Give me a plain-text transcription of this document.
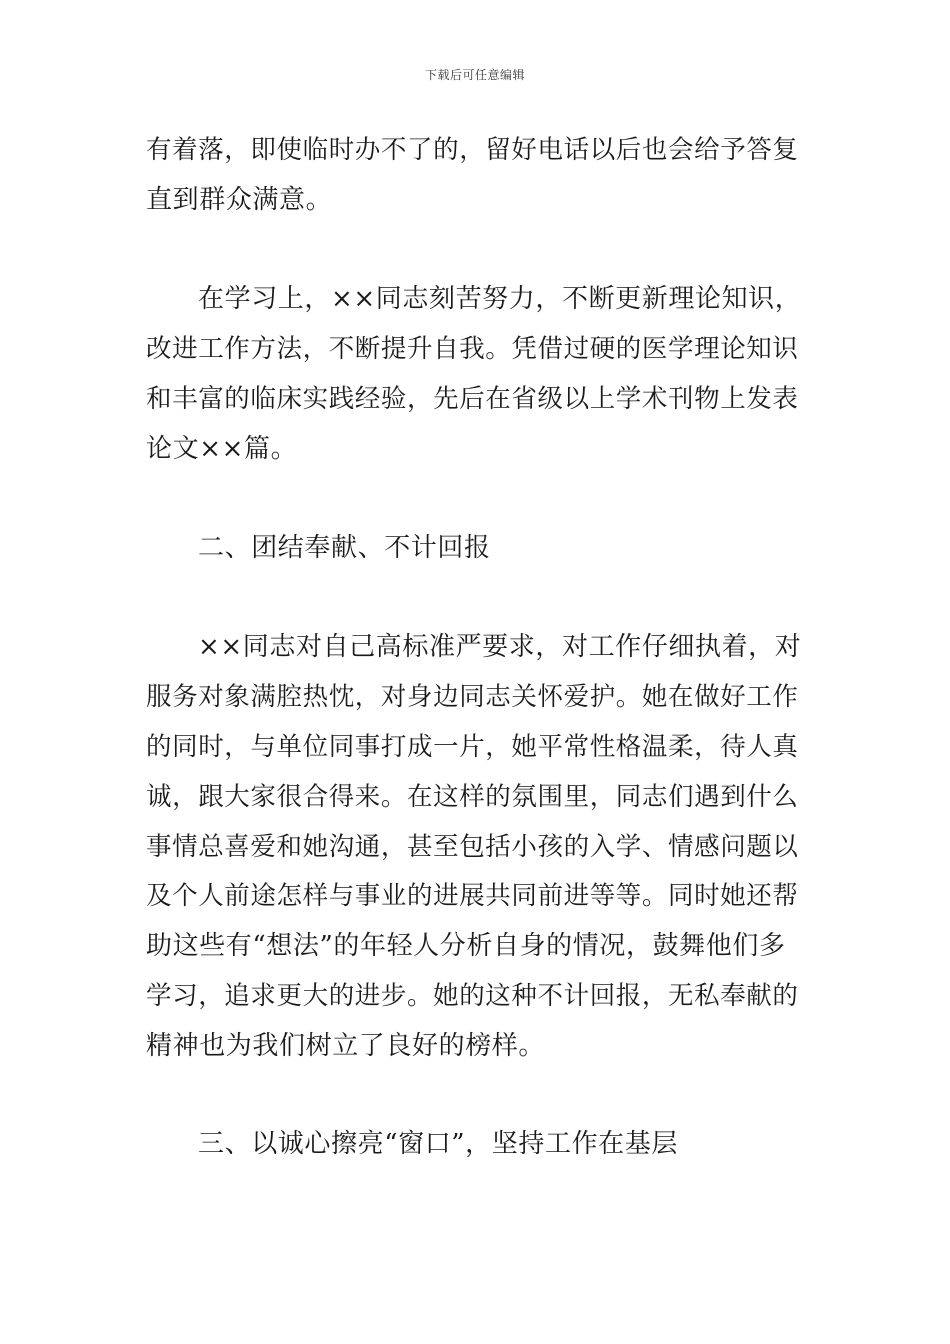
下载后可任意编辑
有着落，即使临时办不了的，留好电话以后也会给予答复
直到群众满意。
在学习上，××同志刻苦努力，不断更新理论知识，
改进工作方法，不断提升自我。凭借过硬的医学理论知识
和丰富的临床实践经验，先后在省级以上学术刊物上发表
论文××篇。
二、团结奉献、不计回报
××同志对自己高标准严要求，对工作仔细执着，对
服务对象满腔热忱，对身边同志关怀爱护。她在做好工作
的同时，与单位同事打成一片，她平常性格温柔，待人真
诚，跟大家很合得来。在这样的氛围里，同志们遇到什么
事情总喜爱和她沟通，甚至包括小孩的入学、情感问题以
及个人前途怎样与事业的进展共同前进等等。同时她还帮
助这些有“想法”的年轻人分析自身的情况，鼓舞他们多
学习，追求更大的进步。她的这种不计回报，无私奉献的
精神也为我们树立了良好的榜样。
三、以诚心擦亮“窗口”，坚持工作在基层
